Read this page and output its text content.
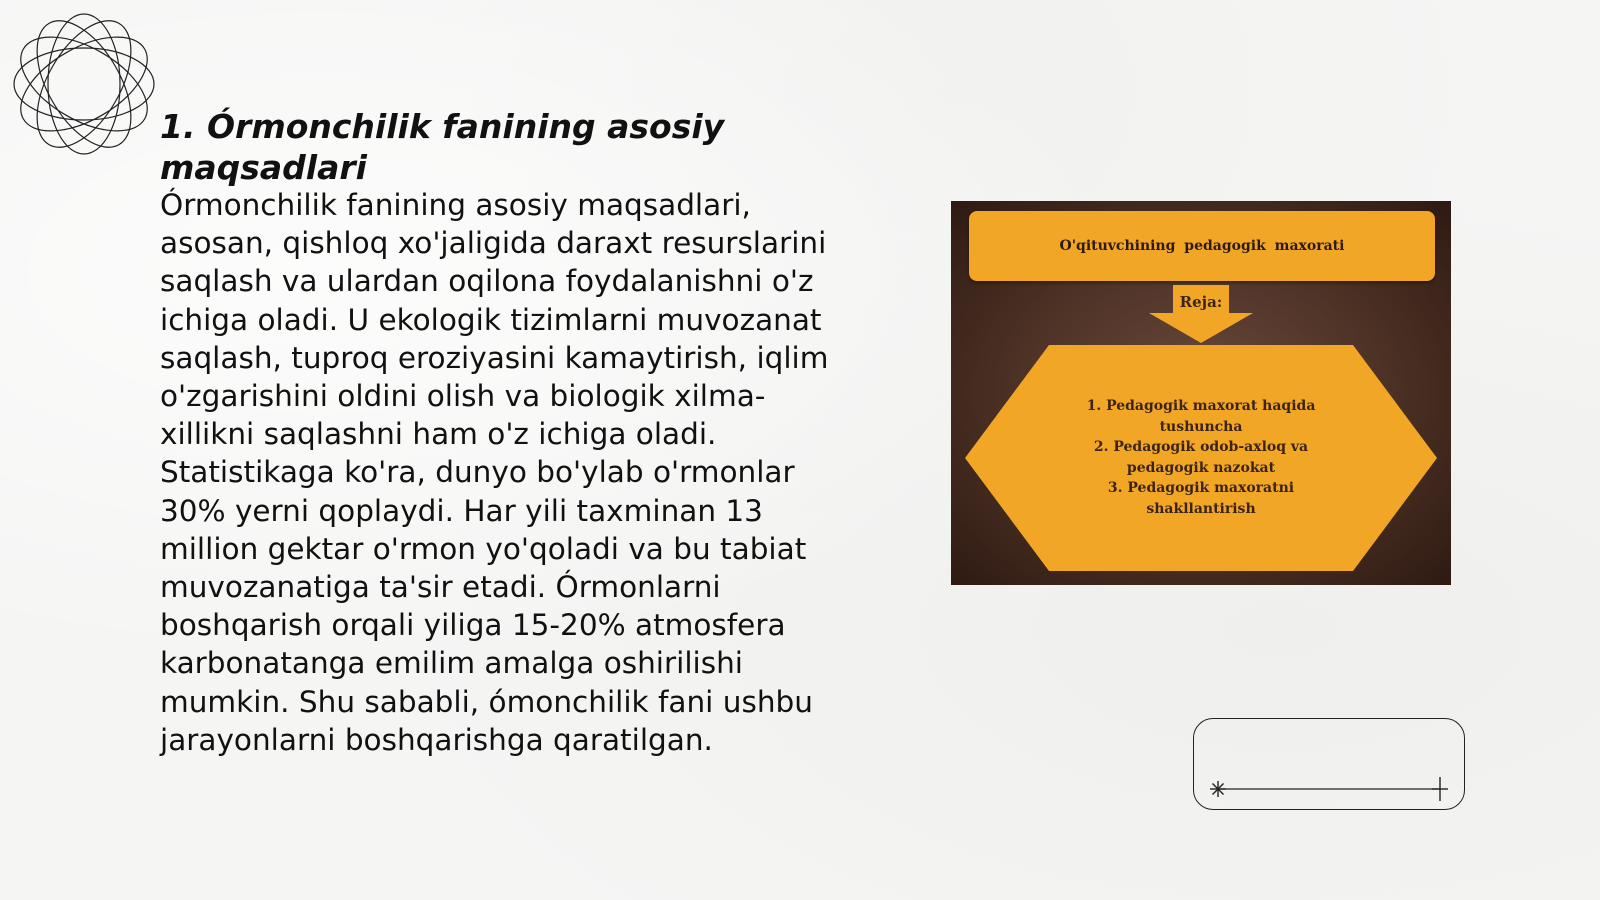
1. Órmonchilik fanining asosiy maqsadlari

Órmonchilik fanining asosiy maqsadlari, asosan, qishloq xo'jaligida daraxt resurslarini saqlash va ulardan oqilona foydalanishni o'z ichiga oladi. U ekologik tizimlarni muvozanat saqlash, tuproq eroziyasini kamaytirish, iqlim o'zgarishini oldini olish va biologik xilma-xillikni saqlashni ham o'z ichiga oladi. Statistikaga ko'ra, dunyo bo'ylab o'rmonlar 30% yerni qoplaydi. Har yili taxminan 13 million gektar o'rmon yo'qoladi va bu tabiat muvozanatiga ta'sir etadi. Órmonlarni boshqarish orqali yiliga 15-20% atmosfera karbonatanga emilim amalga oshirilishi mumkin. Shu sababli, ómonchilik fani ushbu jarayonlarni boshqarishga qaratilgan.

O'qituvchining pedagogik maxorati
Reja:
1. Pedagogik maxorat haqida tushuncha
2. Pedagogik odob-axloq va pedagogik nazokat
3. Pedagogik maxoratni shakllantirish
